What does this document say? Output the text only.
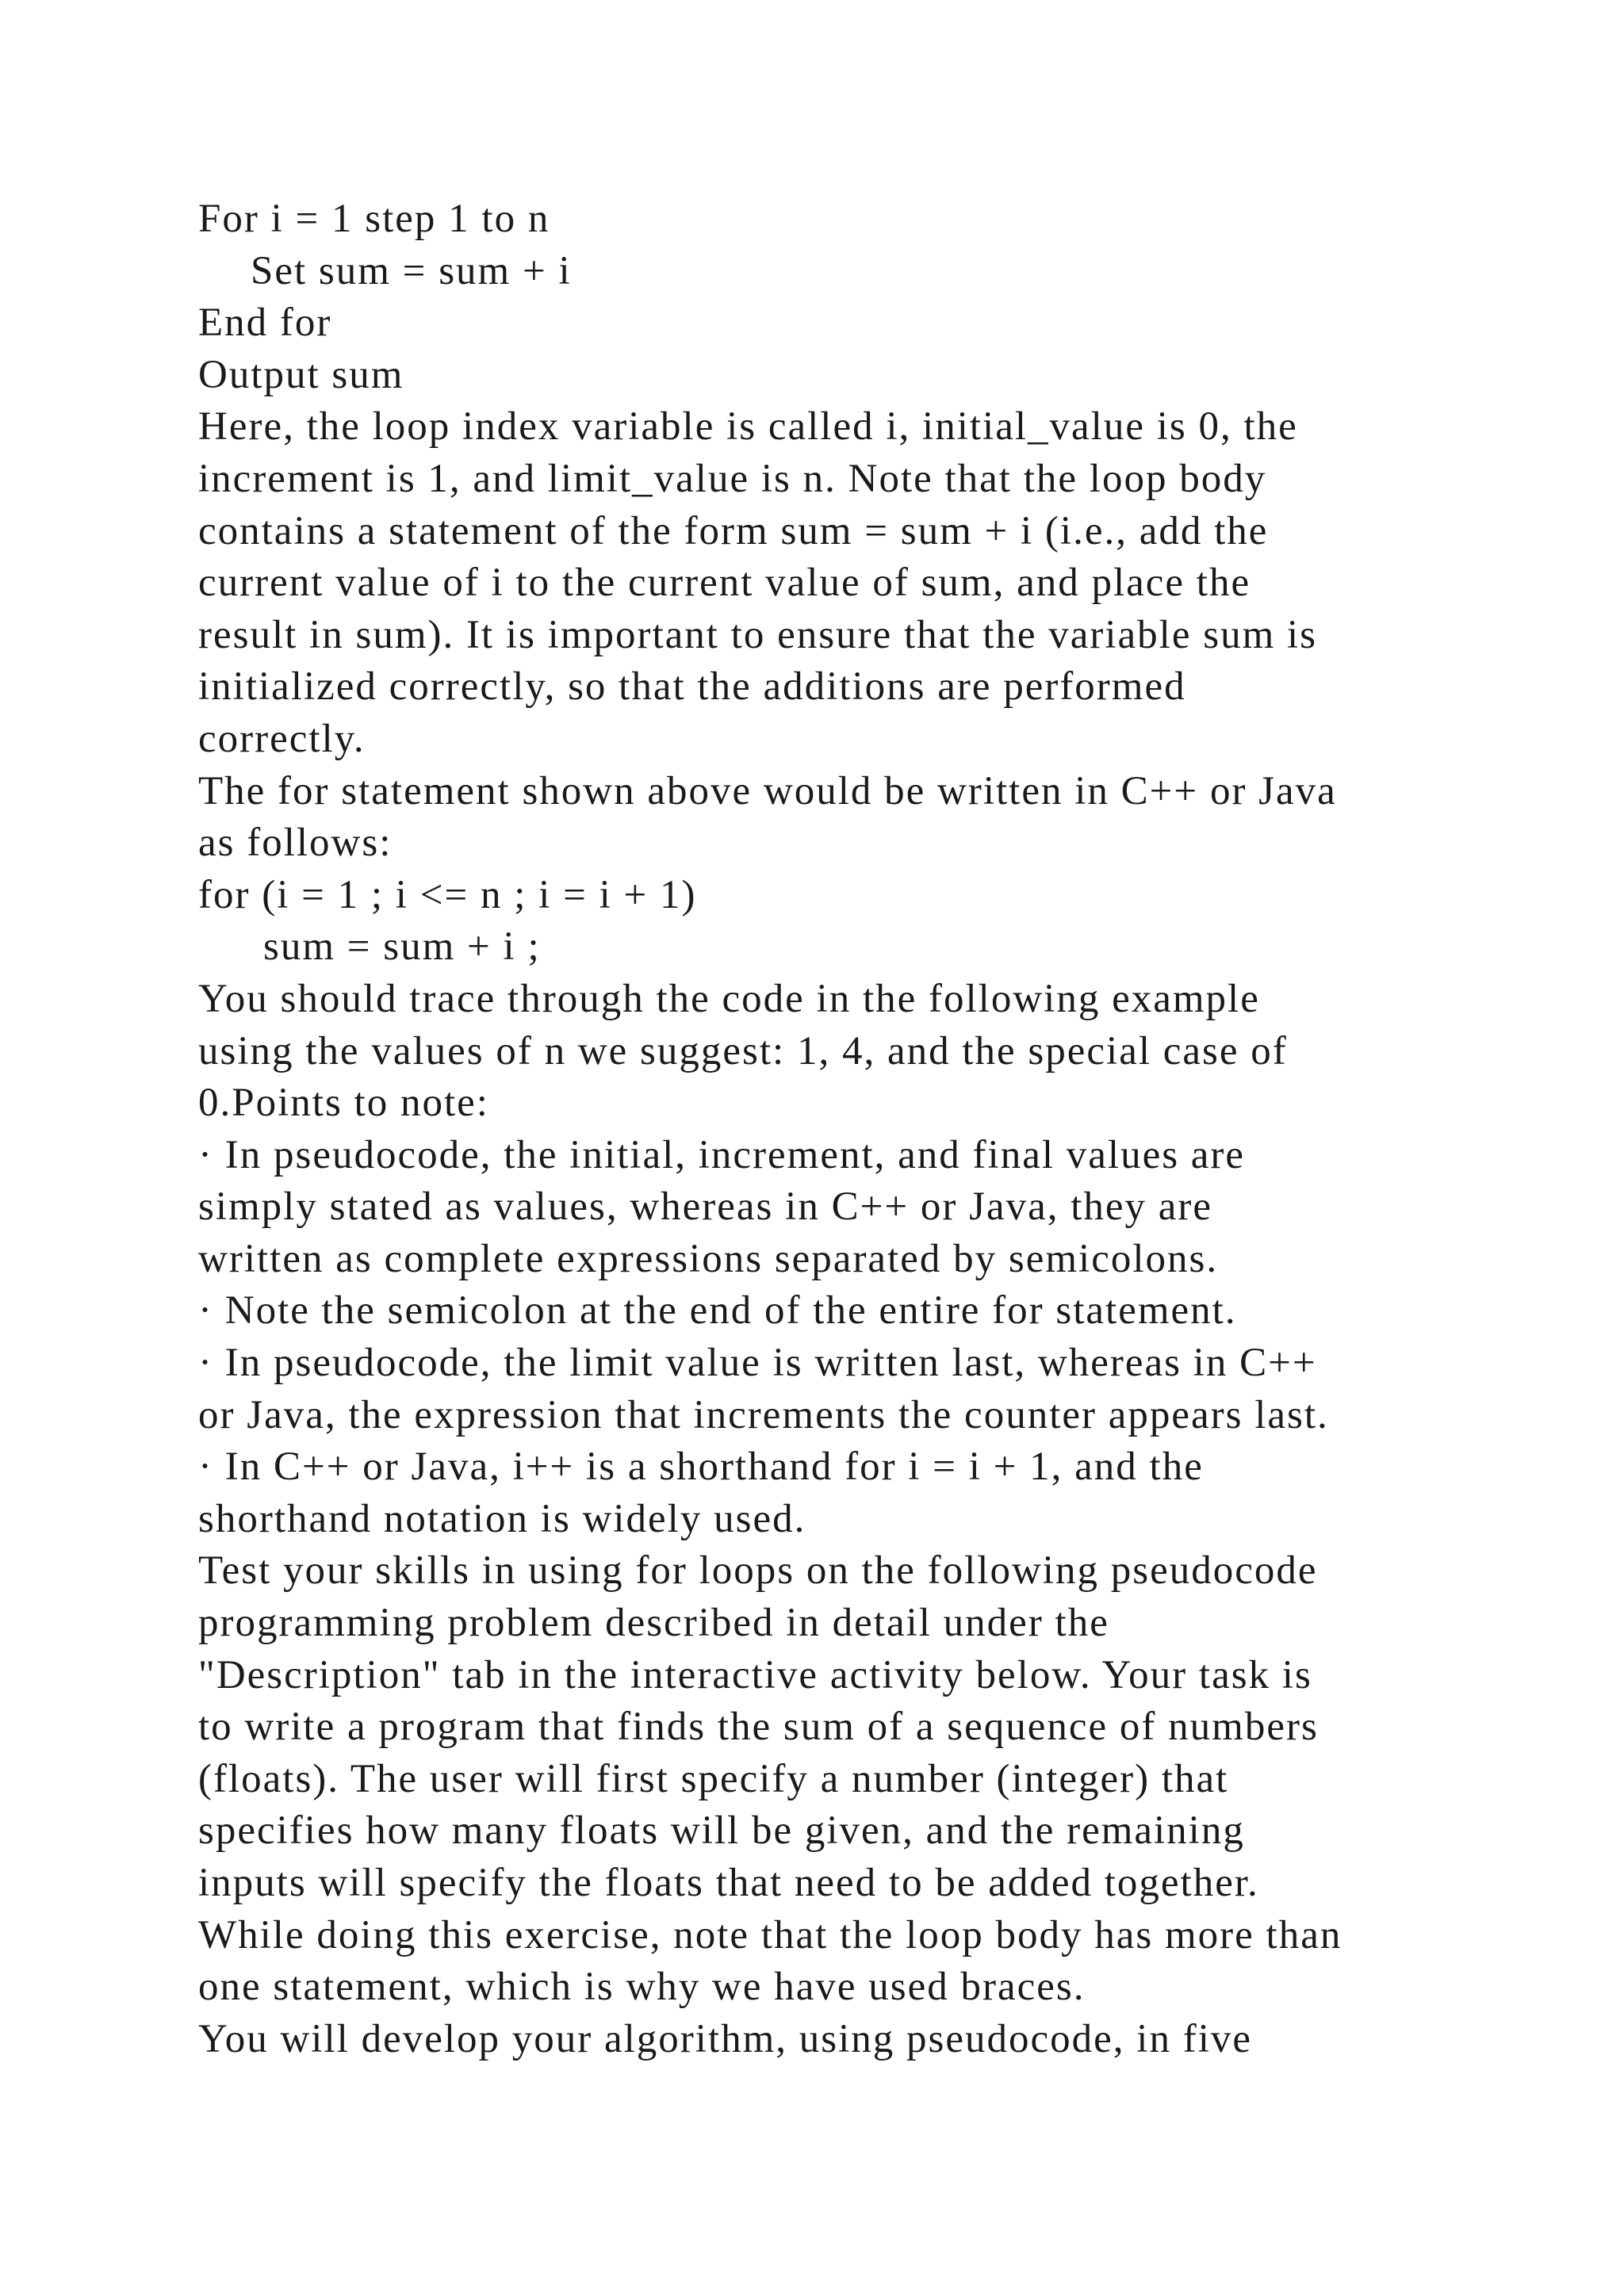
For i = 1 step 1 to n
Set sum = sum + i
End for
Output sum
Here, the loop index variable is called i, initial_value is 0, the
increment is 1, and limit_value is n. Note that the loop body
contains a statement of the form sum = sum + i (i.e., add the
current value of i to the current value of sum, and place the
result in sum). It is important to ensure that the variable sum is
initialized correctly, so that the additions are performed
correctly.
The for statement shown above would be written in C++ or Java
as follows:
for (i = 1 ; i <= n ; i = i + 1)
sum = sum + i ;
You should trace through the code in the following example
using the values of n we suggest: 1, 4, and the special case of
0.Points to note:
· In pseudocode, the initial, increment, and final values are
simply stated as values, whereas in C++ or Java, they are
written as complete expressions separated by semicolons.
· Note the semicolon at the end of the entire for statement.
· In pseudocode, the limit value is written last, whereas in C++
or Java, the expression that increments the counter appears last.
· In C++ or Java, i++ is a shorthand for i = i + 1, and the
shorthand notation is widely used.
Test your skills in using for loops on the following pseudocode
programming problem described in detail under the
"Description" tab in the interactive activity below. Your task is
to write a program that finds the sum of a sequence of numbers
(floats). The user will first specify a number (integer) that
specifies how many floats will be given, and the remaining
inputs will specify the floats that need to be added together.
While doing this exercise, note that the loop body has more than
one statement, which is why we have used braces.
You will develop your algorithm, using pseudocode, in five
